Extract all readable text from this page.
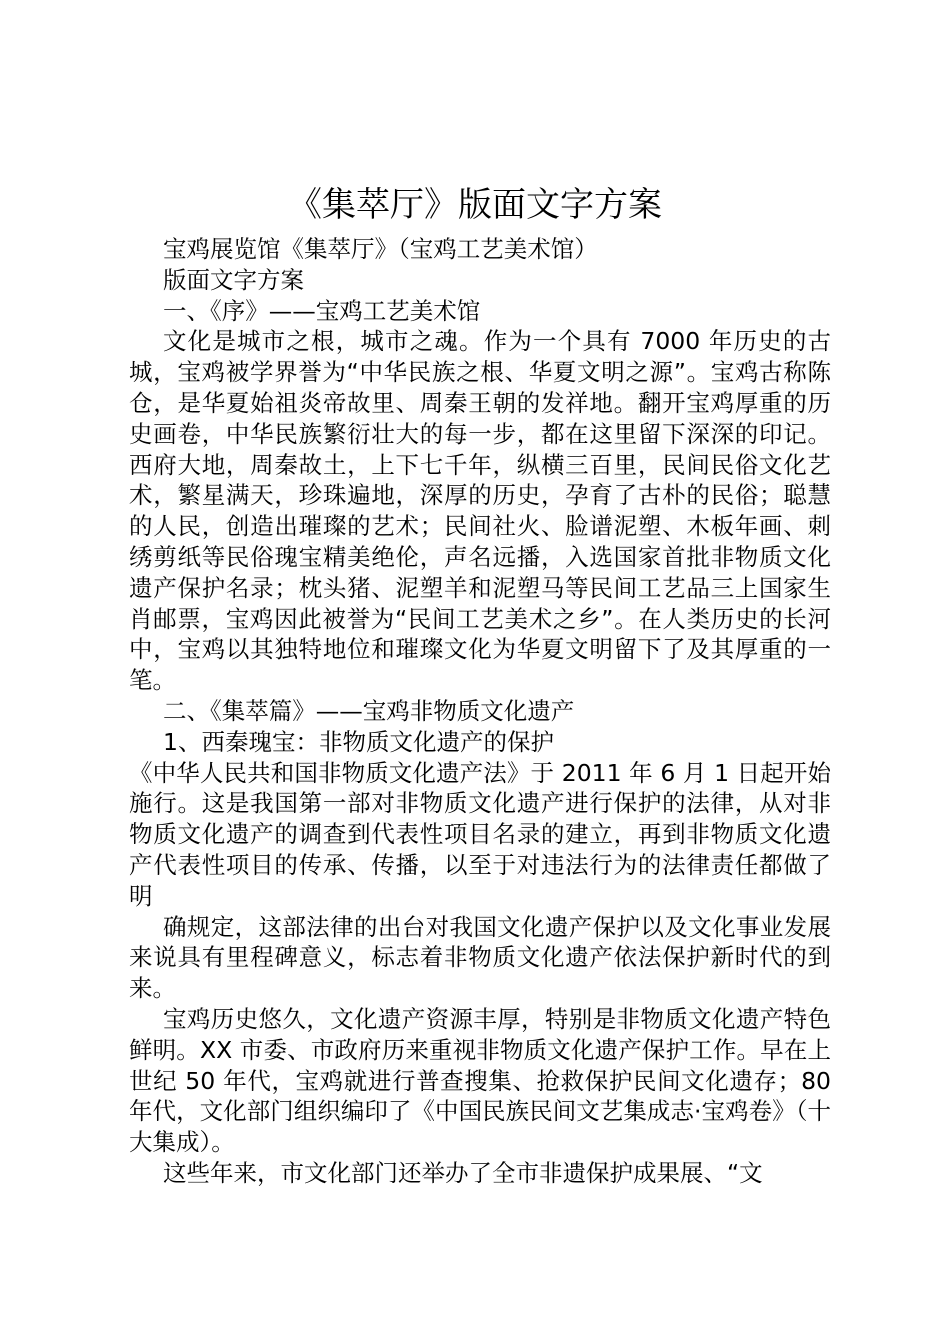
《集萃厅》版面文字方案

宝鸡展览馆《集萃厅》（宝鸡工艺美术馆）

版面文字方案

一、《序》——宝鸡工艺美术馆

文化是城市之根，城市之魂。作为一个具有 7000 年历史的古城，宝鸡被学界誉为“中华民族之根、华夏文明之源”。宝鸡古称陈仓，是华夏始祖炎帝故里、周秦王朝的发祥地。翻开宝鸡厚重的历史画卷，中华民族繁衍壮大的每一步，都在这里留下深深的印记。西府大地，周秦故土，上下七千年，纵横三百里，民间民俗文化艺术，繁星满天，珍珠遍地，深厚的历史，孕育了古朴的民俗；聪慧的人民，创造出璀璨的艺术；民间社火、脸谱泥塑、木板年画、刺绣剪纸等民俗瑰宝精美绝伦，声名远播，入选国家首批非物质文化遗产保护名录；枕头猪、泥塑羊和泥塑马等民间工艺品三上国家生肖邮票，宝鸡因此被誉为“民间工艺美术之乡”。在人类历史的长河中，宝鸡以其独特地位和璀璨文化为华夏文明留下了及其厚重的一笔。

二、《集萃篇》——宝鸡非物质文化遗产

1、西秦瑰宝：非物质文化遗产的保护

《中华人民共和国非物质文化遗产法》于 2011 年 6 月 1 日起开始施行。这是我国第一部对非物质文化遗产进行保护的法律，从对非物质文化遗产的调查到代表性项目名录的建立，再到非物质文化遗产代表性项目的传承、传播，以至于对违法行为的法律责任都做了明

确规定，这部法律的出台对我国文化遗产保护以及文化事业发展来说具有里程碑意义，标志着非物质文化遗产依法保护新时代的到来。

宝鸡历史悠久，文化遗产资源丰厚，特别是非物质文化遗产特色鲜明。XX 市委、市政府历来重视非物质文化遗产保护工作。早在上世纪 50 年代，宝鸡就进行普查搜集、抢救保护民间文化遗存；80 年代，文化部门组织编印了《中国民族民间文艺集成志·宝鸡卷》（十大集成）。

这些年来，市文化部门还举办了全市非遗保护成果展、“文
